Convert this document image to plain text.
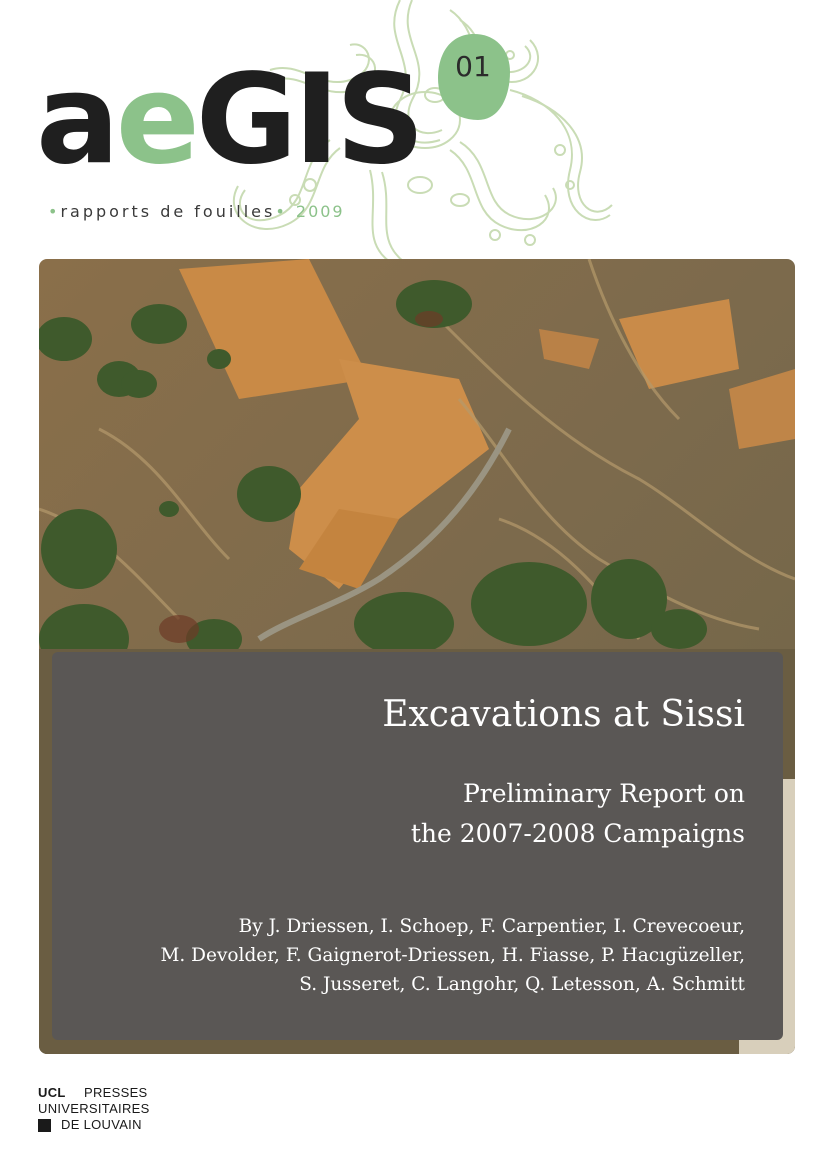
01
aeGIS
•rapports de fouilles• 2009
Excavations at Sissi
Preliminary Report on
the 2007-2008 Campaigns
By J. Driessen, I. Schoep, F. Carpentier, I. Crevecoeur,
M. Devolder, F. Gaignerot-Driessen, H. Fiasse, P. Hacıgüzeller,
S. Jusseret, C. Langohr, Q. Letesson, A. Schmitt
UCL	PRESSES
UNIVERSITAIRES
DE LOUVAIN
